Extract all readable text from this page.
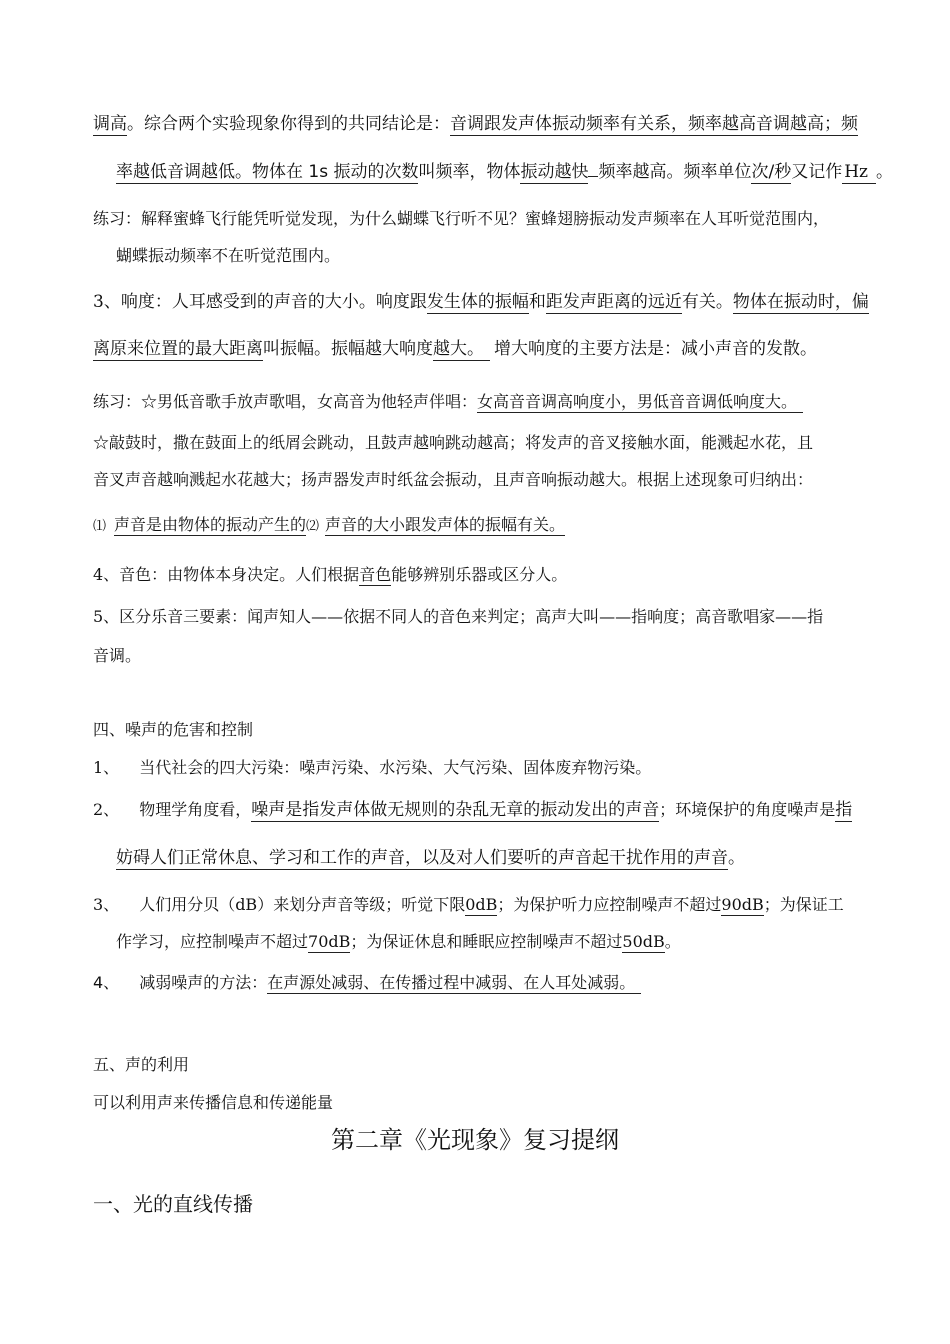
调高。综合两个实验现象你得到的共同结论是：音调跟发声体振动频率有关系，频率越高音调越高；频
率越低音调越低。物体在 1s 振动的次数叫频率，物体振动越快 频率越高。频率单位次/秒又记作 Hz 。
练习：解释蜜蜂飞行能凭听觉发现，为什么蝴蝶飞行听不见？蜜蜂翅膀振动发声频率在人耳听觉范围内，
蝴蝶振动频率不在听觉范围内。
3、响度：人耳感受到的声音的大小。响度跟发生体的振幅和距发声距离的远近有关。物体在振动时，偏
离原来位置的最大距离叫振幅。振幅越大响度越大。 增大响度的主要方法是：减小声音的发散。
练习：☆男低音歌手放声歌唱，女高音为他轻声伴唱：女高音音调高响度小，男低音音调低响度大。
☆敲鼓时，撒在鼓面上的纸屑会跳动，且鼓声越响跳动越高；将发声的音叉接触水面，能溅起水花，且
音叉声音越响溅起水花越大；扬声器发声时纸盆会振动，且声音响振动越大。根据上述现象可归纳出：
⑴ 声音是由物体的振动产生的⑵ 声音的大小跟发声体的振幅有关。
4、音色：由物体本身决定。人们根据音色能够辨别乐器或区分人。
5、区分乐音三要素：闻声知人——依据不同人的音色来判定；高声大叫——指响度；高音歌唱家——指
音调。
四、噪声的危害和控制
1、 当代社会的四大污染：噪声污染、水污染、大气污染、固体废弃物污染。
2、 物理学角度看，噪声是指发声体做无规则的杂乱无章的振动发出的声音；环境保护的角度噪声是指
妨碍人们正常休息、学习和工作的声音，以及对人们要听的声音起干扰作用的声音。
3、 人们用分贝（dB）来划分声音等级；听觉下限0dB；为保护听力应控制噪声不超过90dB；为保证工
作学习，应控制噪声不超过70dB；为保证休息和睡眠应控制噪声不超过50dB。
4、 减弱噪声的方法：在声源处减弱、在传播过程中减弱、在人耳处减弱。
五、声的利用
可以利用声来传播信息和传递能量
第二章《光现象》复习提纲
一、光的直线传播
